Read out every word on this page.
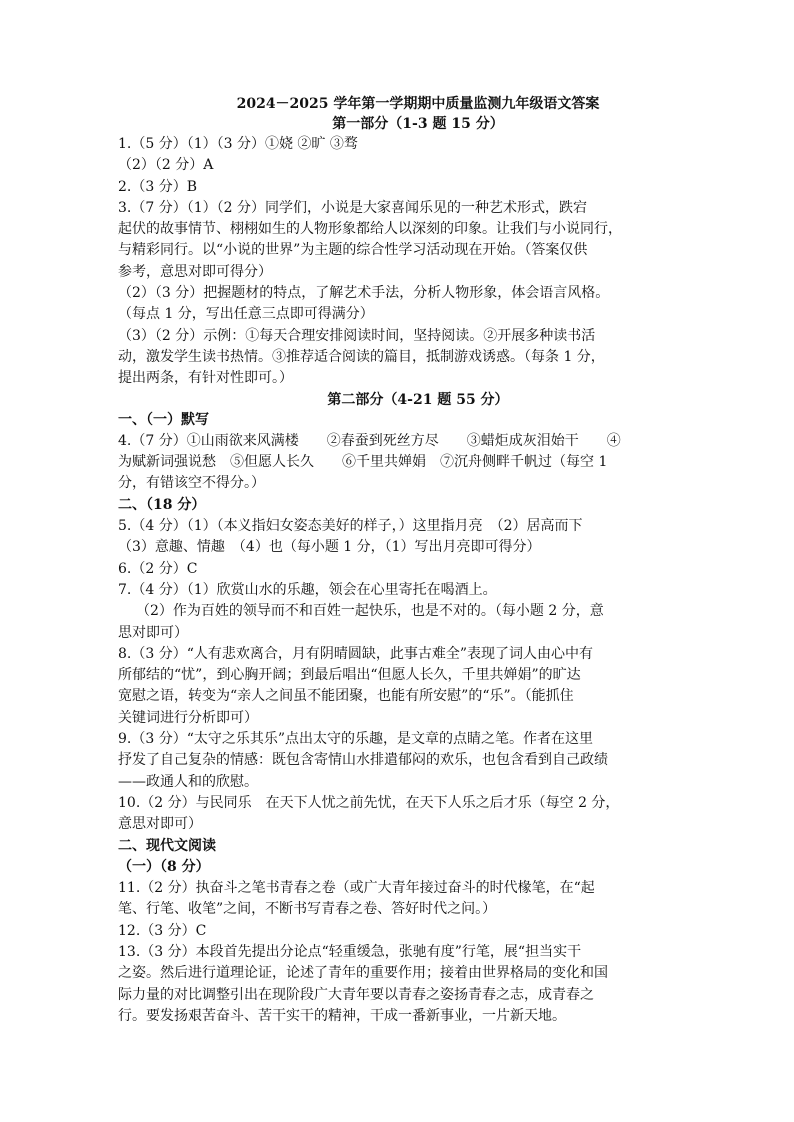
2024－2025 学年第一学期期中质量监测九年级语文答案
第一部分（1-3 题 15 分）
1.（5 分）（1）（3 分）①娆 ②旷 ③骛
（2）（2 分）A
2.（3 分）B
3.（7 分）（1）（2 分）同学们，小说是大家喜闻乐见的一种艺术形式，跌宕
起伏的故事情节、栩栩如生的人物形象都给人以深刻的印象。让我们与小说同行，
与精彩同行。以“小说的世界”为主题的综合性学习活动现在开始。（答案仅供
参考，意思对即可得分）
（2）（3 分）把握题材的特点，了解艺术手法，分析人物形象，体会语言风格。
（每点 1 分，写出任意三点即可得满分）
（3）（2 分）示例：①每天合理安排阅读时间，坚持阅读。②开展多种读书活
动，激发学生读书热情。③推荐适合阅读的篇目，抵制游戏诱惑。（每条 1 分，
提出两条，有针对性即可。）
第二部分（4-21 题 55 分）
一、（一）默写
4.（7 分）①山雨欲来风满楼　　②春蚕到死丝方尽　　③蜡炬成灰泪始干　　④
为赋新词强说愁　⑤但愿人长久　　⑥千里共婵娟　⑦沉舟侧畔千帆过（每空 1
分，有错该空不得分。）
二、（18 分）
5.（4 分）（1）（本义指妇女姿态美好的样子，）这里指月亮　（2）居高而下
（3）意趣、情趣　（4）也（每小题 1 分，（1）写出月亮即可得分）
6.（2 分）C
7.（4 分）（1）欣赏山水的乐趣，领会在心里寄托在喝酒上。
（2）作为百姓的领导而不和百姓一起快乐，也是不对的。（每小题 2 分，意
思对即可）
8.（3 分）“人有悲欢离合，月有阴晴圆缺，此事古难全”表现了词人由心中有
所郁结的“忧”，到心胸开阔；到最后唱出“但愿人长久，千里共婵娟”的旷达
宽慰之语，转变为“亲人之间虽不能团聚，也能有所安慰”的“乐”。（能抓住
关键词进行分析即可）
9.（3 分）“太守之乐其乐”点出太守的乐趣，是文章的点睛之笔。作者在这里
抒发了自己复杂的情感：既包含寄情山水排遣郁闷的欢乐，也包含看到自己政绩
——政通人和的欣慰。
10.（2 分）与民同乐　在天下人忧之前先忧，在天下人乐之后才乐（每空 2 分，
意思对即可）
二、现代文阅读
（一）（8 分）
11.（2 分）执奋斗之笔书青春之卷（或广大青年接过奋斗的时代椽笔，在“起
笔、行笔、收笔”之间，不断书写青春之卷、答好时代之问。）
12.（3 分）C
13.（3 分）本段首先提出分论点“轻重缓急，张驰有度”行笔，展“担当实干
之姿。然后进行道理论证，论述了青年的重要作用；接着由世界格局的变化和国
际力量的对比调整引出在现阶段广大青年要以青春之姿扬青春之志，成青春之
行。要发扬艰苦奋斗、苦干实干的精神，干成一番新事业，一片新天地。
